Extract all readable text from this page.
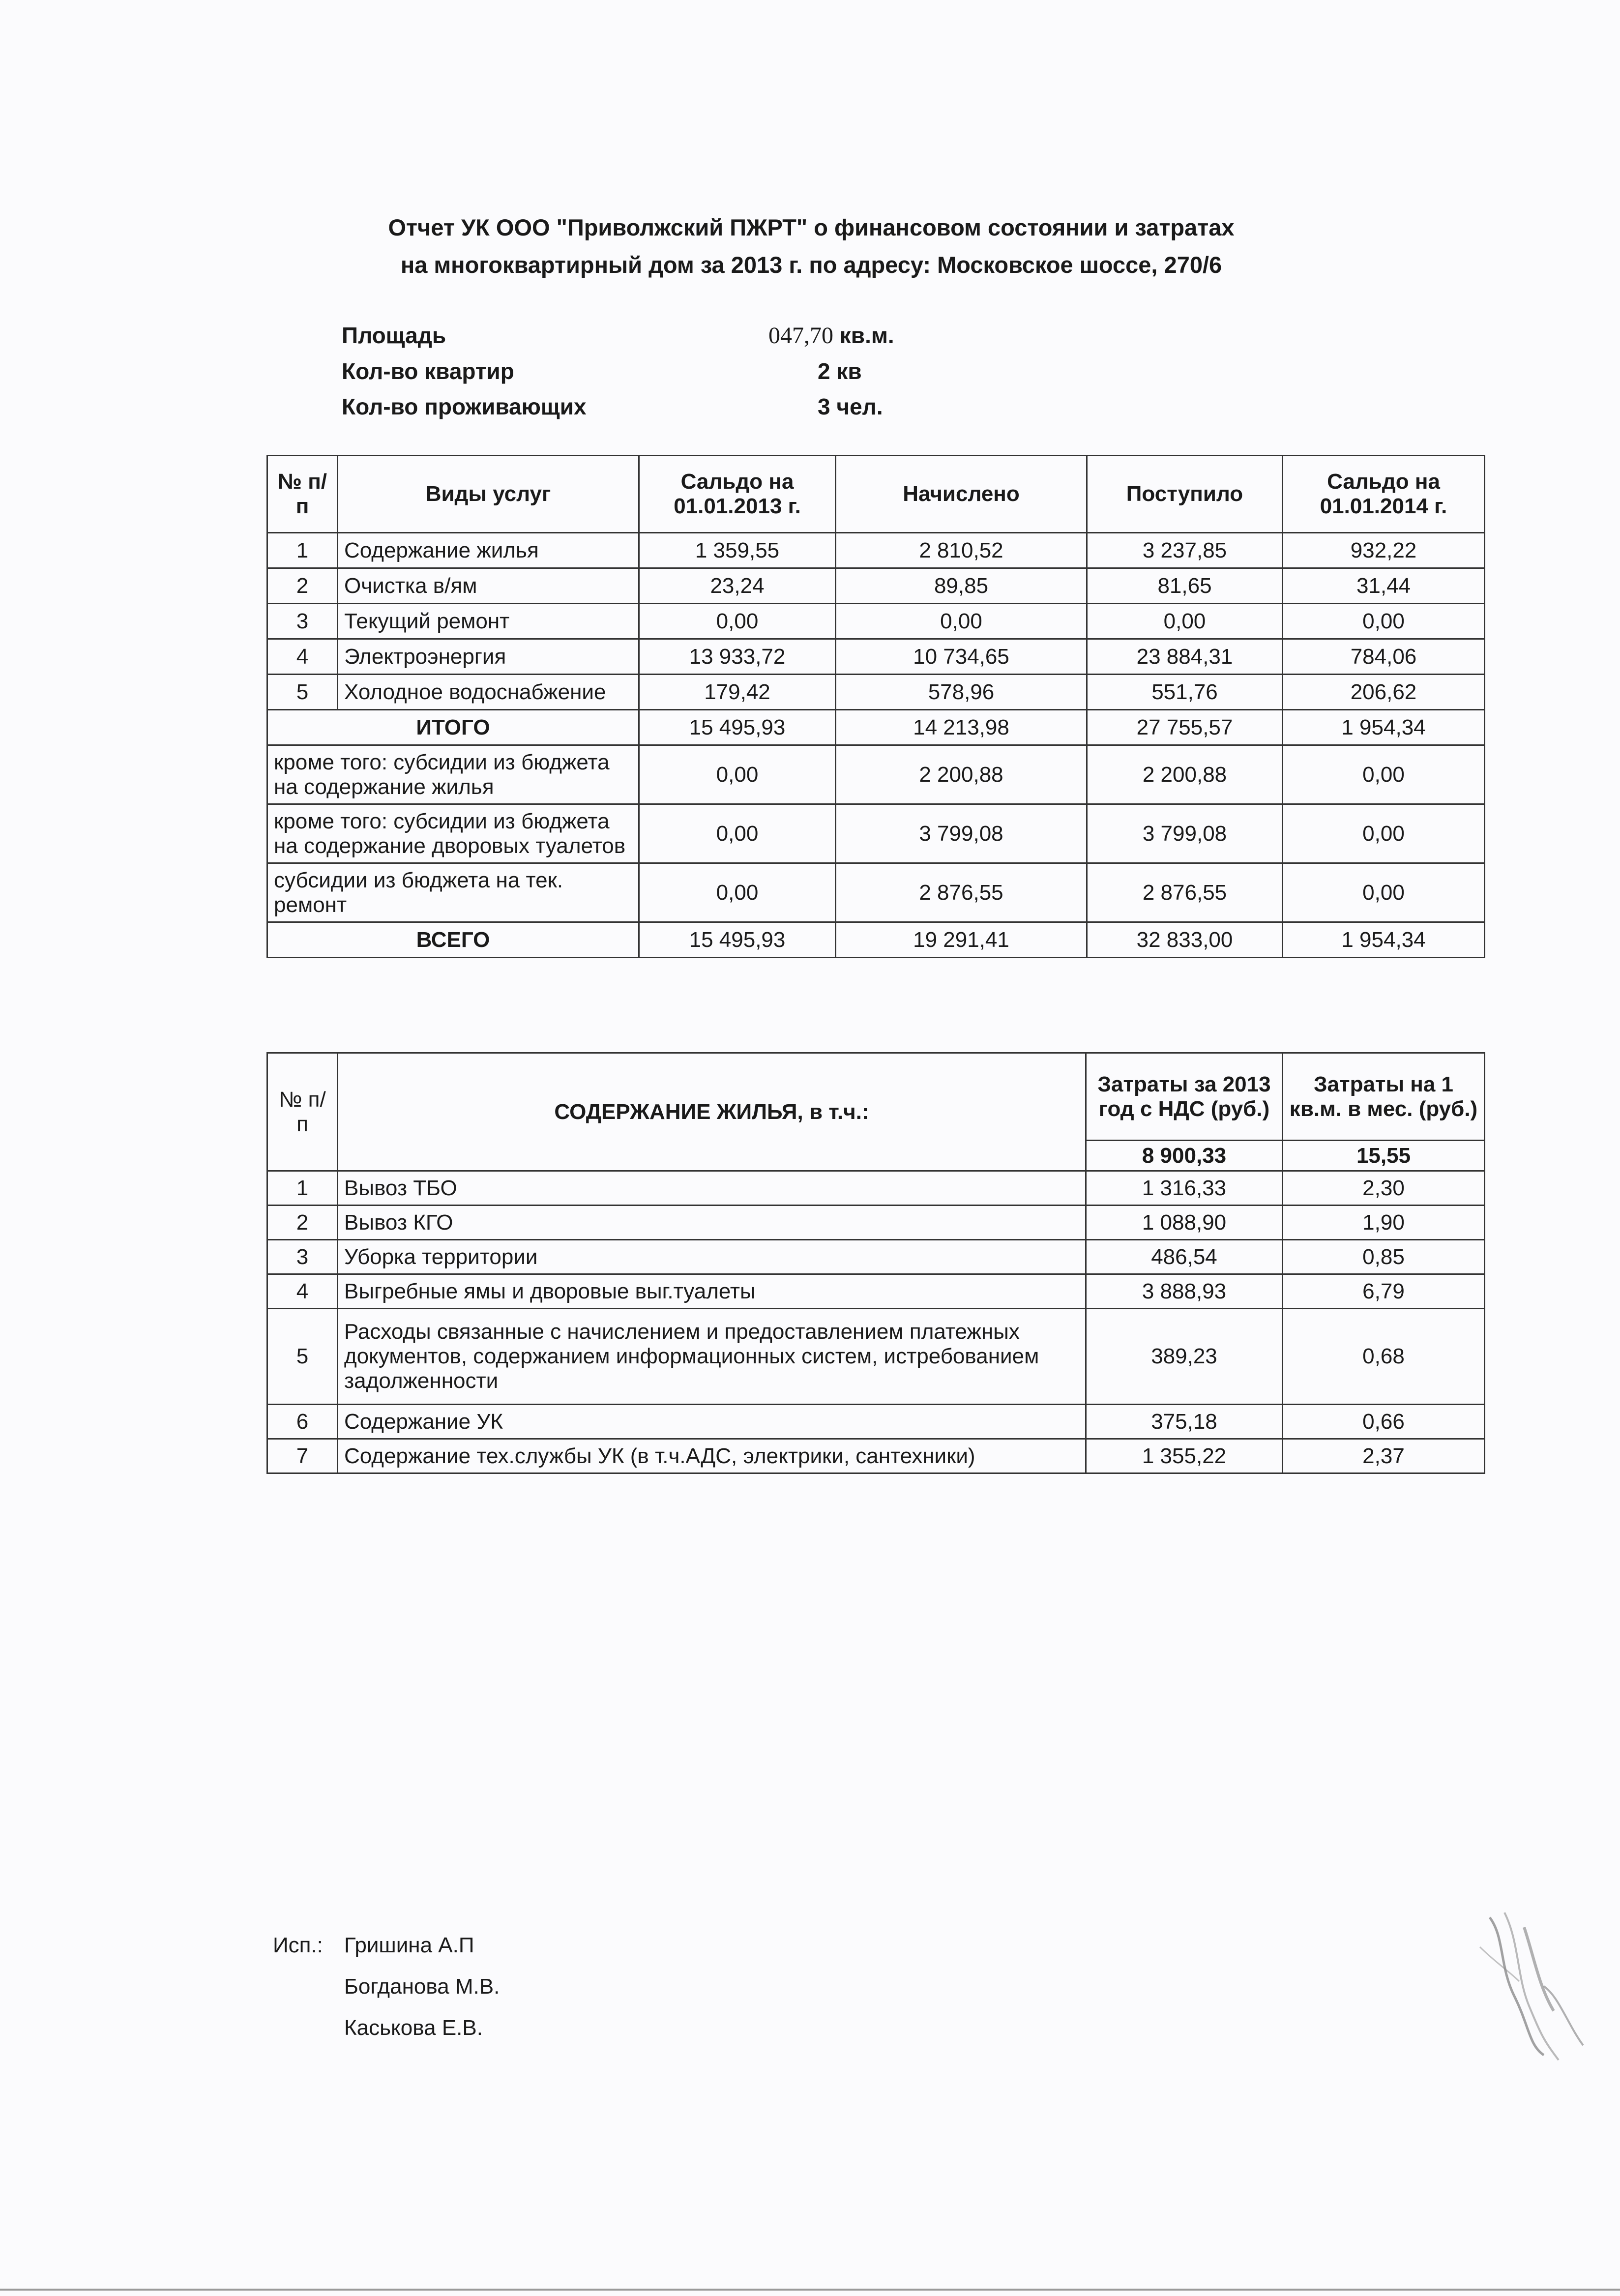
Отчет УК ООО "Приволжский ПЖРТ" о финансовом состоянии и затратах
на многоквартирный дом за 2013 г. по адресу: Московское шоссе, 270/6
Площадь	047,70 кв.м.
Кол-во квартир	2 кв
Кол-во проживающих	3 чел.
№ п/п	Виды услуг	Сальдо на 01.01.2013 г.	Начислено	Поступило	Сальдо на 01.01.2014 г.
1	Содержание жилья	1 359,55	2 810,52	3 237,85	932,22
2	Очистка в/ям	23,24	89,85	81,65	31,44
3	Текущий ремонт	0,00	0,00	0,00	0,00
4	Электроэнергия	13 933,72	10 734,65	23 884,31	784,06
5	Холодное водоснабжение	179,42	578,96	551,76	206,62
ИТОГО		15 495,93	14 213,98	27 755,57	1 954,34
кроме того: субсидии из бюджета на содержание жилья		0,00	2 200,88	2 200,88	0,00
кроме того: субсидии из бюджета на содержание дворовых туалетов		0,00	3 799,08	3 799,08	0,00
субсидии из бюджета на тек. ремонт		0,00	2 876,55	2 876,55	0,00
ВСЕГО		15 495,93	19 291,41	32 833,00	1 954,34
№ п/п	СОДЕРЖАНИЕ ЖИЛЬЯ, в т.ч.:	Затраты за 2013 год с НДС (руб.)	Затраты на 1 кв.м. в мес. (руб.)
		8 900,33	15,55
1	Вывоз ТБО	1 316,33	2,30
2	Вывоз КГО	1 088,90	1,90
3	Уборка территории	486,54	0,85
4	Выгребные ямы и дворовые выг.туалеты	3 888,93	6,79
5	Расходы связанные с начислением и предоставлением платежных документов, содержанием информационных систем, истребованием задолженности	389,23	0,68
6	Содержание УК	375,18	0,66
7	Содержание тех.службы УК (в т.ч.АДС, электрики, сантехники)	1 355,22	2,37
Исп.: Гришина А.П
Богданова М.В.
Каськова Е.В.
